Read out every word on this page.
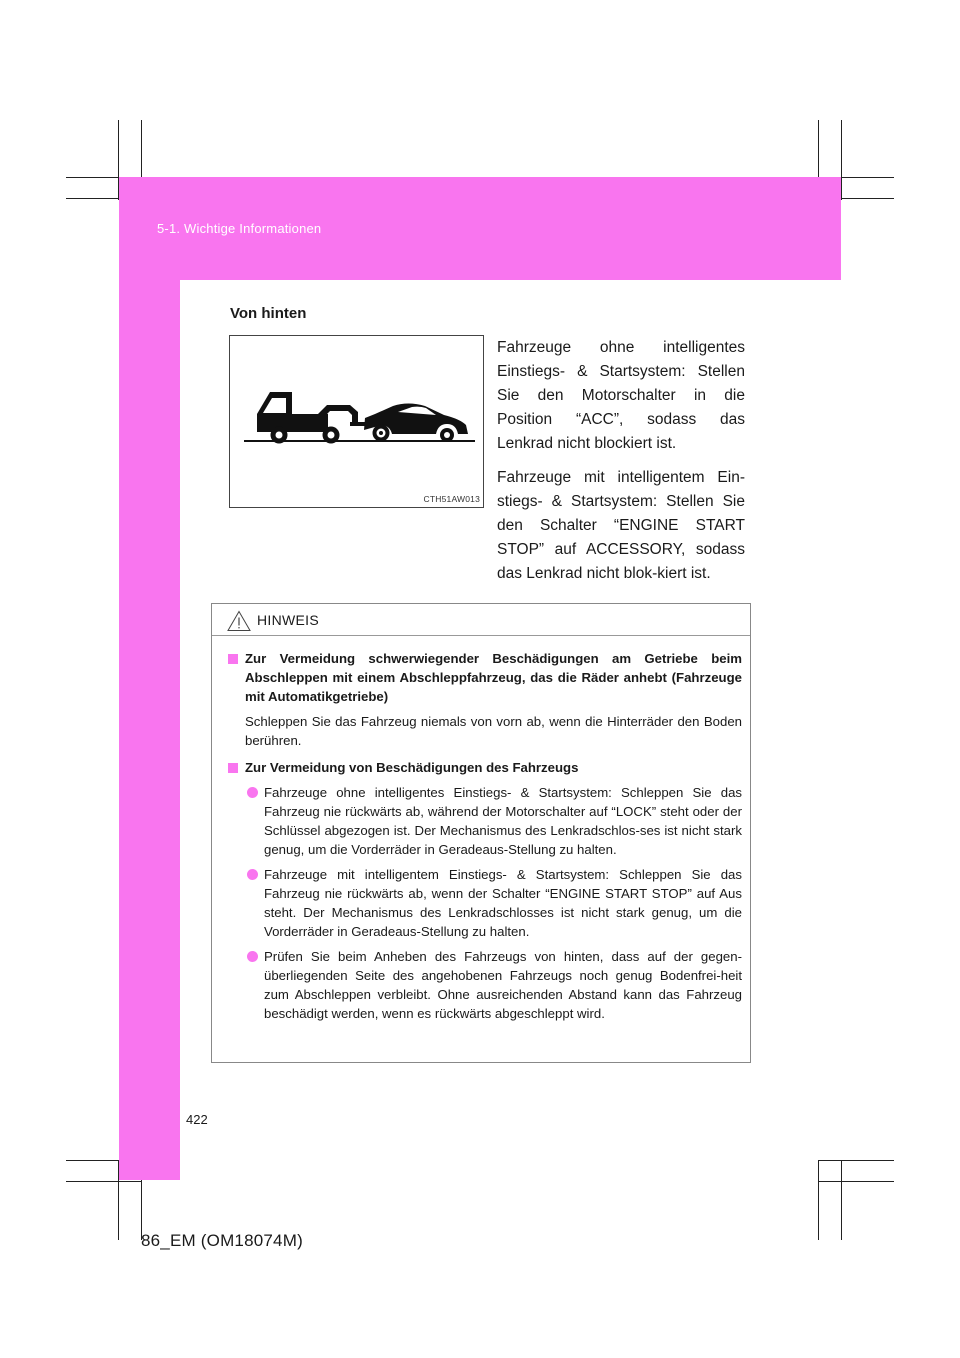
5-1. Wichtige Informationen
Von hinten
CTH51AW013

Fahrzeuge ohne intelligentes Einstiegs- & Startsystem: Stellen Sie den Motorschalter in die Position “ACC”, sodass das Lenkrad nicht blockiert ist.

Fahrzeuge mit intelligentem Ein-stiegs- & Startsystem: Stellen Sie den Schalter “ENGINE START STOP” auf ACCESSORY, sodass das Lenkrad nicht blok-kiert ist.

HINWEIS
Zur Vermeidung schwerwiegender Beschädigungen am Getriebe beim Abschleppen mit einem Abschleppfahrzeug, das die Räder anhebt (Fahrzeuge mit Automatikgetriebe)
Schleppen Sie das Fahrzeug niemals von vorn ab, wenn die Hinterräder den Boden berühren.
Zur Vermeidung von Beschädigungen des Fahrzeugs
Fahrzeuge ohne intelligentes Einstiegs- & Startsystem: Schleppen Sie das Fahrzeug nie rückwärts ab, während der Motorschalter auf “LOCK” steht oder der Schlüssel abgezogen ist. Der Mechanismus des Lenkradschlos-ses ist nicht stark genug, um die Vorderräder in Geradeaus-Stellung zu halten.
Fahrzeuge mit intelligentem Einstiegs- & Startsystem: Schleppen Sie das Fahrzeug nie rückwärts ab, wenn der Schalter “ENGINE START STOP” auf Aus steht. Der Mechanismus des Lenkradschlosses ist nicht stark genug, um die Vorderräder in Geradeaus-Stellung zu halten.
Prüfen Sie beim Anheben des Fahrzeugs von hinten, dass auf der gegen-überliegenden Seite des angehobenen Fahrzeugs noch genug Bodenfrei-heit zum Abschleppen verbleibt. Ohne ausreichenden Abstand kann das Fahrzeug beschädigt werden, wenn es rückwärts abgeschleppt wird.
422
86_EM (OM18074M)
